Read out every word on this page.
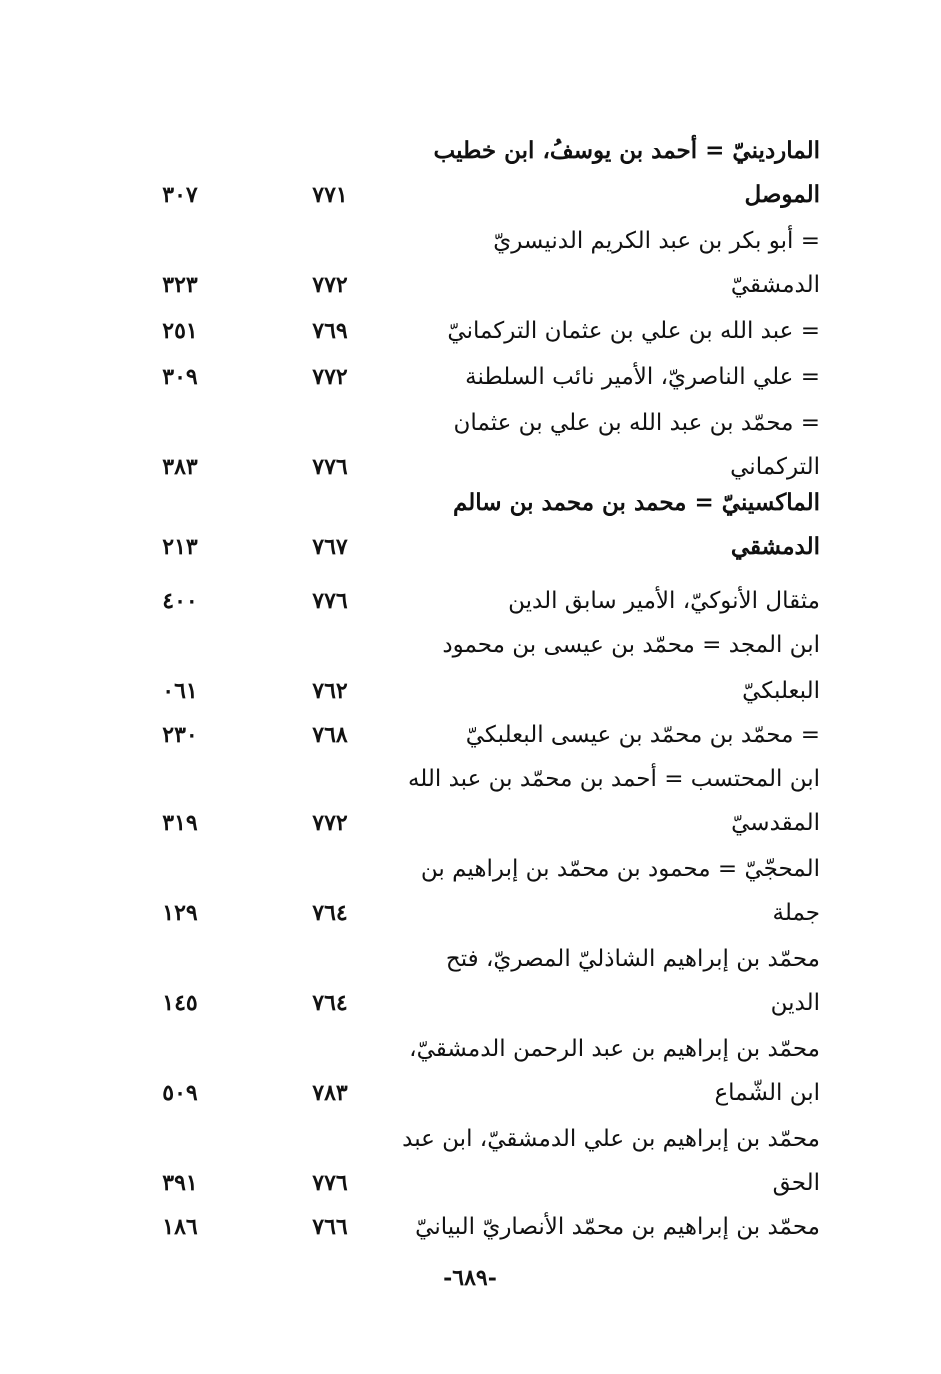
الماردينيّ = أحمد بن يوسفُ، ابن خطيب
الموصل
٧٧١
٣٠٧
= أبو بكر بن عبد الكريم الدنيسريّ
الدمشقيّ
٧٧٢
٣٢٣
= عبد الله بن علي بن عثمان التركمانيّ
٧٦٩
٢٥١
= علي الناصريّ، الأمير نائب السلطنة
٧٧٢
٣٠٩
= محمّد بن عبد الله بن علي بن عثمان
التركماني
٧٧٦
٣٨٣
الماكسينيّ = محمد بن محمد بن سالم
الدمشقي
٧٦٧
٢١٣
مثقال الأنوكيّ، الأمير سابق الدين
٧٧٦
٤٠٠
ابن المجد = محمّد بن عيسى بن محمود
البعلبكيّ
٧٦٢
٠٦١
= محمّد بن محمّد بن عيسى البعلبكيّ
٧٦٨
٢٣٠
ابن المحتسب = أحمد بن محمّد بن عبد الله
المقدسيّ
٧٧٢
٣١٩
المحجّيّ = محمود بن محمّد بن إبراهيم بن
جملة
٧٦٤
١٢٩
محمّد بن إبراهيم الشاذليّ المصريّ، فتح
الدين
٧٦٤
١٤٥
محمّد بن إبراهيم بن عبد الرحمن الدمشقيّ،
ابن الشّماع
٧٨٣
٥٠٩
محمّد بن إبراهيم بن علي الدمشقيّ، ابن عبد
الحق
٧٧٦
٣٩١
محمّد بن إبراهيم بن محمّد الأنصاريّ البيانيّ
٧٦٦
١٨٦
-٦٨٩-
